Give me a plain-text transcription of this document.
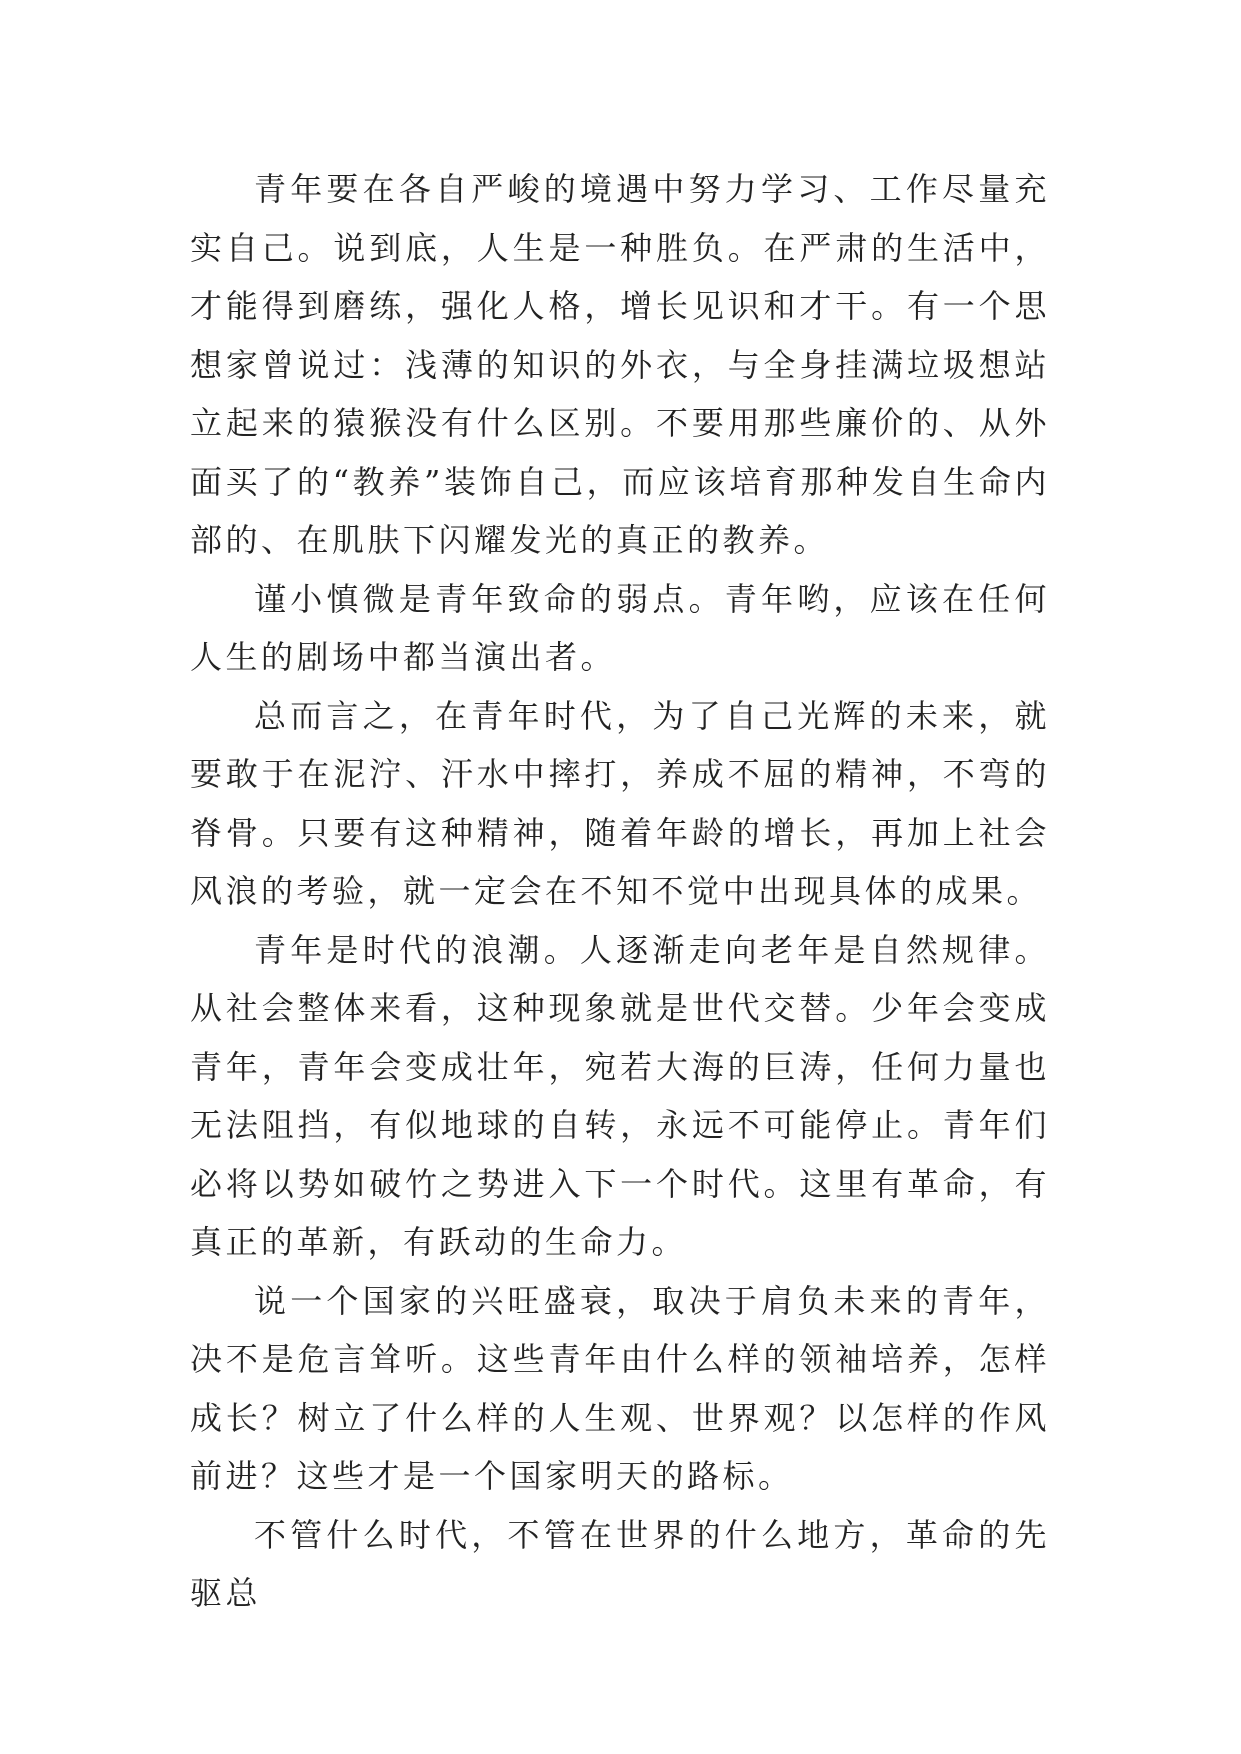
青年要在各自严峻的境遇中努力学习、工作尽量充实自己。说到底，人生是一种胜负。在严肃的生活中，才能得到磨练，强化人格，增长见识和才干。有一个思想家曾说过：浅薄的知识的外衣，与全身挂满垃圾想站立起来的猿猴没有什么区别。不要用那些廉价的、从外面买了的“教养”装饰自己，而应该培育那种发自生命内部的、在肌肤下闪耀发光的真正的教养。

谨小慎微是青年致命的弱点。青年哟，应该在任何人生的剧场中都当演出者。

总而言之，在青年时代，为了自己光辉的未来，就要敢于在泥泞、汗水中摔打，养成不屈的精神，不弯的脊骨。只要有这种精神，随着年龄的增长，再加上社会风浪的考验，就一定会在不知不觉中出现具体的成果。

青年是时代的浪潮。人逐渐走向老年是自然规律。从社会整体来看，这种现象就是世代交替。少年会变成青年，青年会变成壮年，宛若大海的巨涛，任何力量也无法阻挡，有似地球的自转，永远不可能停止。青年们必将以势如破竹之势进入下一个时代。这里有革命，有真正的革新，有跃动的生命力。

说一个国家的兴旺盛衰，取决于肩负未来的青年，决不是危言耸听。这些青年由什么样的领袖培养，怎样成长？树立了什么样的人生观、世界观？以怎样的作风前进？这些才是一个国家明天的路标。

不管什么时代，不管在世界的什么地方，革命的先驱总
